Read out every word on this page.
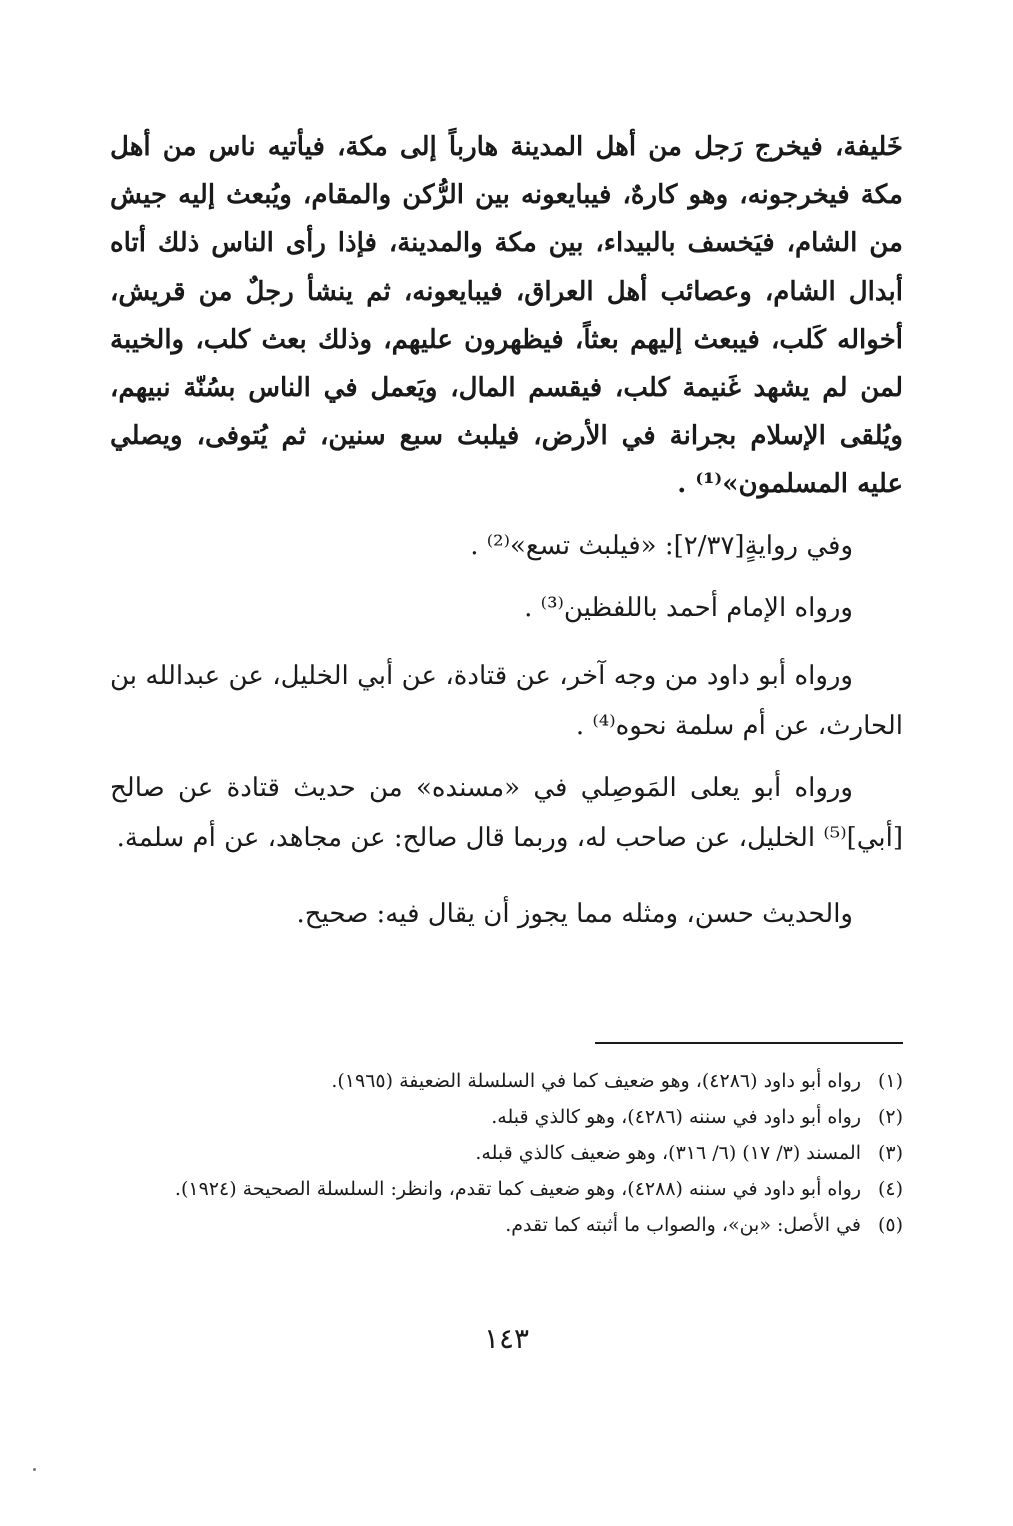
خَليفة، فيخرج رَجل من أهل المدينة هارباً إلى مكة، فيأتيه ناس من أهل مكة فيخرجونه، وهو كارهٌ، فيبايعونه بين الرُّكن والمقام، ويُبعث إليه جيش من الشام، فيَخسف بالبيداء، بين مكة والمدينة، فإذا رأى الناس ذلك أتاه أبدال الشام، وعصائب أهل العراق، فيبايعونه، ثم ينشأ رجلٌ من قريش، أخواله كَلب، فيبعث إليهم بعثاً، فيظهرون عليهم، وذلك بعث كلب، والخيبة لمن لم يشهد غَنيمة كلب، فيقسم المال، ويَعمل في الناس بسُنّة نبيهم، ويُلقى الإسلام بجرانة في الأرض، فيلبث سبع سنين، ثم يُتوفى، ويصلي عليه المسلمون»⁽¹⁾ .

وفي روايةٍ[٢/٣٧]: «فيلبث تسع»⁽²⁾ .

ورواه الإمام أحمد باللفظين⁽³⁾ .

ورواه أبو داود من وجه آخر، عن قتادة، عن أبي الخليل، عن عبدالله بن الحارث، عن أم سلمة نحوه⁽⁴⁾ .

ورواه أبو يعلى المَوصِلي في «مسنده» من حديث قتادة عن صالح [أبي]⁽⁵⁾ الخليل، عن صاحب له، وربما قال صالح: عن مجاهد، عن أم سلمة.

والحديث حسن، ومثله مما يجوز أن يقال فيه: صحيح.

(١)
رواه أبو داود (٤٢٨٦)، وهو ضعيف كما في السلسلة الضعيفة (١٩٦٥).
(٢)
رواه أبو داود في سننه (٤٢٨٦)، وهو كالذي قبله.
(٣)
المسند (٣/ ١٧) (٦/ ٣١٦)، وهو ضعيف كالذي قبله.
(٤)
رواه أبو داود في سننه (٤٢٨٨)، وهو ضعيف كما تقدم، وانظر: السلسلة الصحيحة (١٩٢٤).
(٥)
في الأصل: «بن»، والصواب ما أثبته كما تقدم.
١٤٣
